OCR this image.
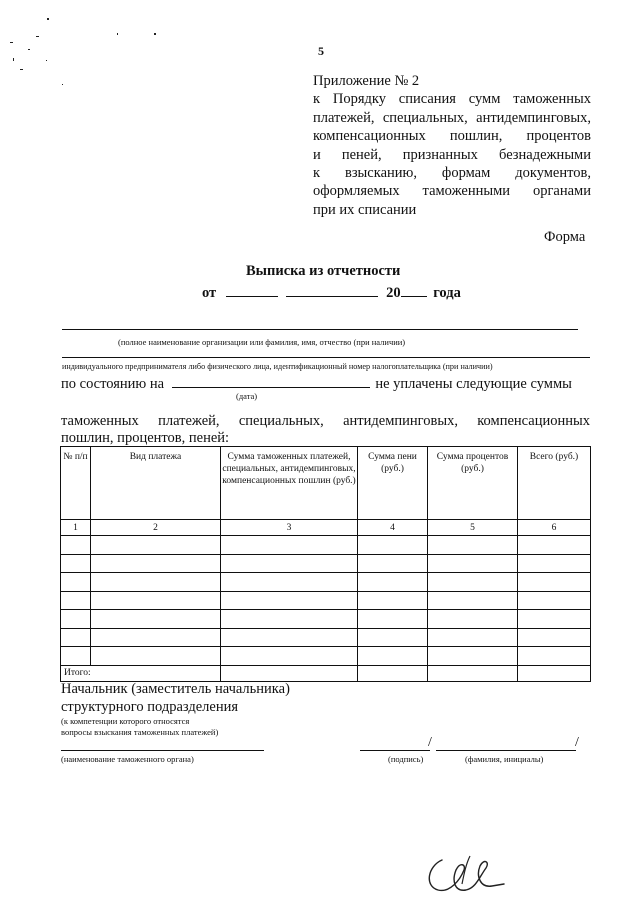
5
Приложение № 2
к Порядку списания сумм таможенных
платежей, специальных, антидемпинговых,
компенсационных пошлин, процентов
и пеней, признанных безнадежными
к взысканию, формам документов,
оформляемых таможенными органами
при их списании
Форма
Выписка из отчетности
от	20 года
(полное наименование организации или фамилия, имя, отчество (при наличии)
индивидуального предпринимателя либо физического лица, идентификационный номер налогоплательщика (при наличии)
по состоянию на	не уплачены следующие суммы
(дата)
таможенных платежей, специальных, антидемпинговых, компенсационных
пошлин, процентов, пеней:
№ п/п	Вид платежа	Сумма таможенных платежей, специальных, антидемпинговых, компенсационных пошлин (руб.)	Сумма пени (руб.)	Сумма процентов (руб.)	Всего (руб.)
1	2	3	4	5	6

Итого:					
Начальник (заместитель начальника)
структурного подразделения
(к компетенции которого относятся
вопросы взыскания таможенных платежей)
(наименование таможенного органа)
/	/
(подпись)	(фамилия, инициалы)
